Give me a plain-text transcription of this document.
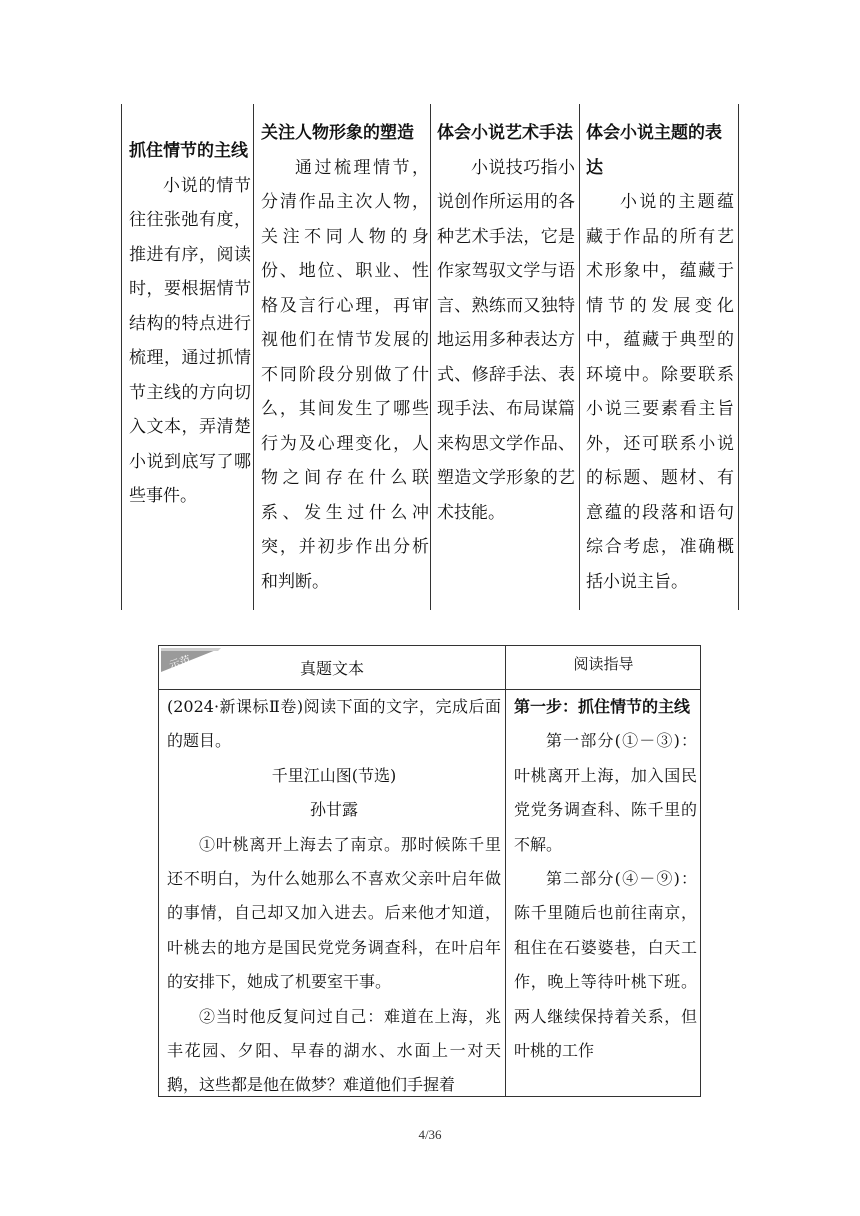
抓住情节的主线
小说的情节往往张弛有度，推进有序，阅读时，要根据情节结构的特点进行梳理，通过抓情节主线的方向切入文本，弄清楚小说到底写了哪些事件。
关注人物形象的塑造
通过梳理情节，分清作品主次人物，关注不同人物的身份、地位、职业、性格及言行心理，再审视他们在情节发展的不同阶段分别做了什么，其间发生了哪些行为及心理变化，人物之间存在什么联系、发生过什么冲突，并初步作出分析和判断。
体会小说艺术手法
小说技巧指小说创作所运用的各种艺术手法，它是作家驾驭文学与语言、熟练而又独特地运用多种表达方式、修辞手法、表现手法、布局谋篇来构思文学作品、塑造文学形象的艺术技能。
体会小说主题的表达
小说的主题蕴藏于作品的所有艺术形象中，蕴藏于情节的发展变化中，蕴藏于典型的环境中。除要联系小说三要素看主旨外，还可联系小说的标题、题材、有意蕴的段落和语句综合考虑，准确概括小说主旨。
示范	真题文本	阅读指导

(2024·新课标Ⅱ卷)阅读下面的文字，完成后面的题目。

千里江山图(节选)

孙甘露

①叶桃离开上海去了南京。那时候陈千里还不明白，为什么她那么不喜欢父亲叶启年做的事情，自己却又加入进去。后来他才知道，叶桃去的地方是国民党党务调查科，在叶启年的安排下，她成了机要室干事。

②当时他反复问过自己：难道在上海，兆丰花园、夕阳、早春的湖水、水面上一对天鹅，这些都是他在做梦？难道他们手握着

第一步：抓住情节的主线

第一部分(①－③)：叶桃离开上海，加入国民党党务调查科、陈千里的不解。

第二部分(④－⑨)：陈千里随后也前往南京，租住在石婆婆巷，白天工作，晚上等待叶桃下班。两人继续保持着关系，但叶桃的工作

4/36
